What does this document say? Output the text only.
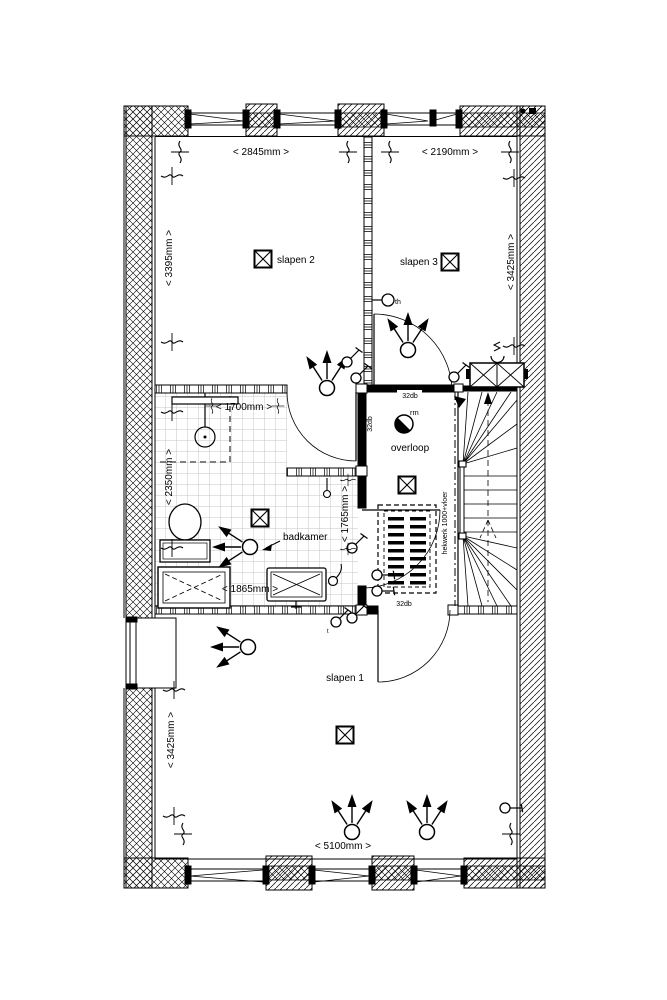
< 2845mm >	< 2190mm >
< 3395mm >	< 3425mm >
< 1700mm >
< 2350mm >
< 1765mm >
< 1865mm >
< 3425mm >
< 5100mm >
slapen 2	slapen 3
slapen 1
overloop
badkamer
rm
th
32db
32db
32db
hekwerk 1000+vloer
t
